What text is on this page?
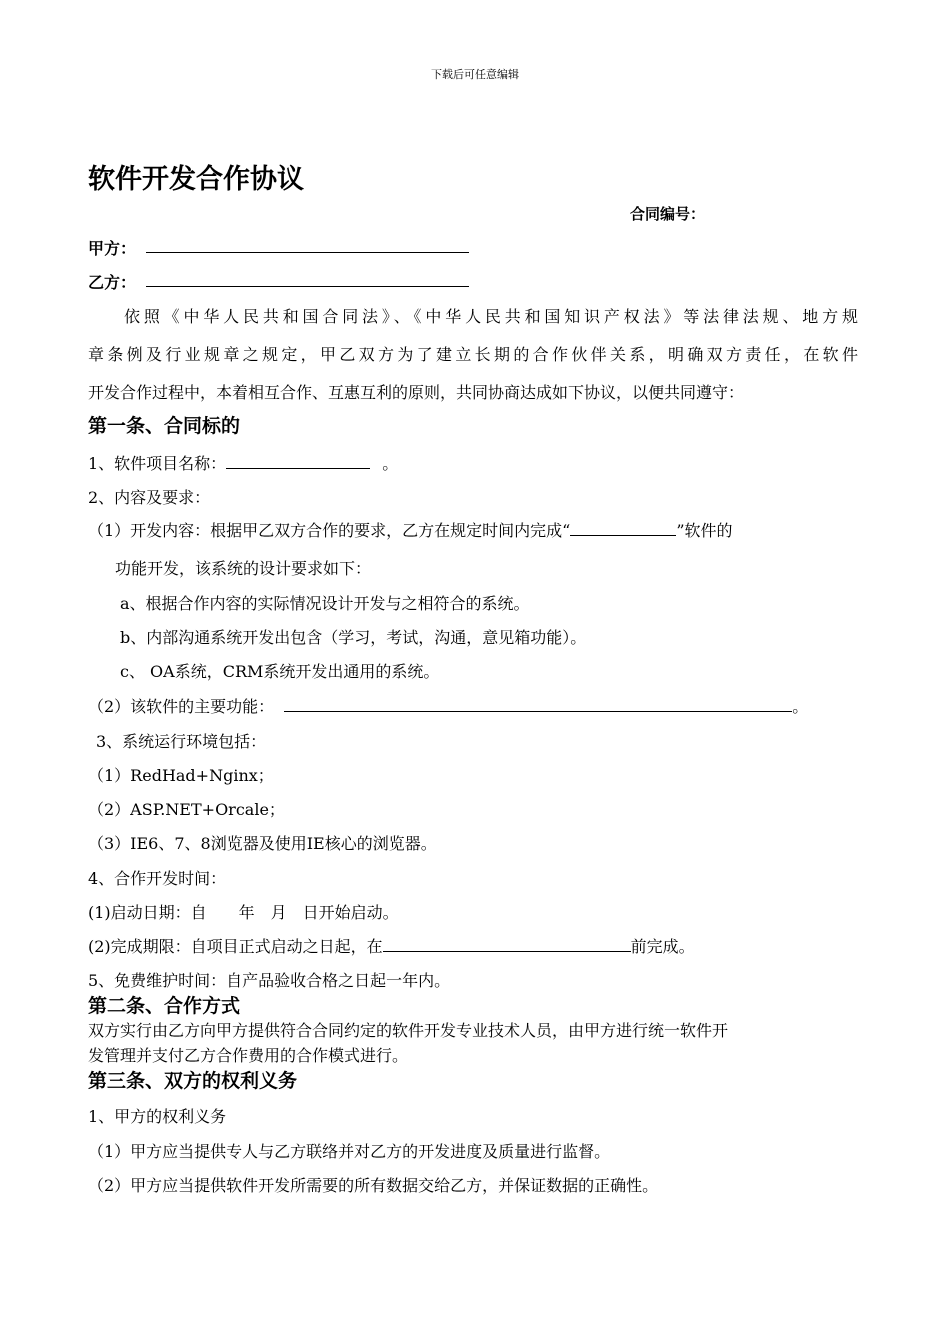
下载后可任意编辑
软件开发合作协议
合同编号：
甲方：
乙方：

依照《中华人民共和国合同法》、《中华人民共和国知识产权法》等法律法规、地方规

章条例及行业规章之规定，甲乙双方为了建立长期的合作伙伴关系，明确双方责任，在软件

开发合作过程中，本着相互合作、互惠互利的原则，共同协商达成如下协议，以便共同遵守：

第一条、合同标的
1、软件项目名称：	。
2、内容及要求：
（1）开发内容：根据甲乙双方合作的要求，乙方在规定时间内完成“	”软件的
功能开发，该系统的设计要求如下：
a、根据合作内容的实际情况设计开发与之相符合的系统。
b、内部沟通系统开发出包含（学习，考试，沟通，意见箱功能）。
c、 OA系统，CRM系统开发出通用的系统。
（2）该软件的主要功能：	。
3、系统运行环境包括：
（1）RedHad+Nginx；
（2）ASP.NET+Orcale；
（3）IE6、7、8浏览器及使用IE核心的浏览器。
4、合作开发时间：
(1)启动日期：自　　年　月　日开始启动。
(2)完成期限：自项目正式启动之日起，在	前完成。
5、免费维护时间：自产品验收合格之日起一年内。
第二条、合作方式

双方实行由乙方向甲方提供符合合同约定的软件开发专业技术人员，由甲方进行统一软件开

发管理并支付乙方合作费用的合作模式进行。

第三条、双方的权利义务
1、甲方的权利义务
（1）甲方应当提供专人与乙方联络并对乙方的开发进度及质量进行监督。
（2）甲方应当提供软件开发所需要的所有数据交给乙方，并保证数据的正确性。
